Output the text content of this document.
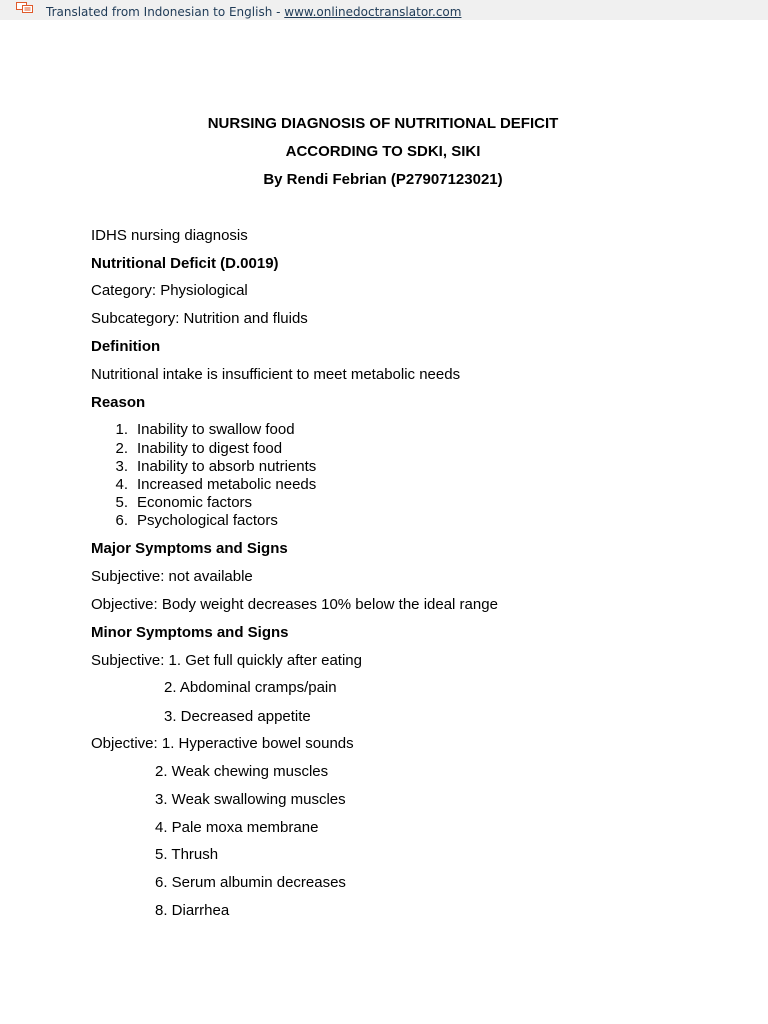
Translated from Indonesian to English - www.onlinedoctranslator.com
NURSING DIAGNOSIS OF NUTRITIONAL DEFICIT
ACCORDING TO SDKI, SIKI
By Rendi Febrian (P27907123021)
IDHS nursing diagnosis
Nutritional Deficit (D.0019)
Category: Physiological
Subcategory: Nutrition and fluids
Definition
Nutritional intake is insufficient to meet metabolic needs
Reason
1. Inability to swallow food
2. Inability to digest food
3. Inability to absorb nutrients
4. Increased metabolic needs
5. Economic factors
6. Psychological factors
Major Symptoms and Signs
Subjective: not available
Objective: Body weight decreases 10% below the ideal range
Minor Symptoms and Signs
Subjective: 1. Get full quickly after eating
2. Abdominal cramps/pain
3. Decreased appetite
Objective: 1. Hyperactive bowel sounds
2. Weak chewing muscles
3. Weak swallowing muscles
4. Pale moxa membrane
5. Thrush
6. Serum albumin decreases
8. Diarrhea
